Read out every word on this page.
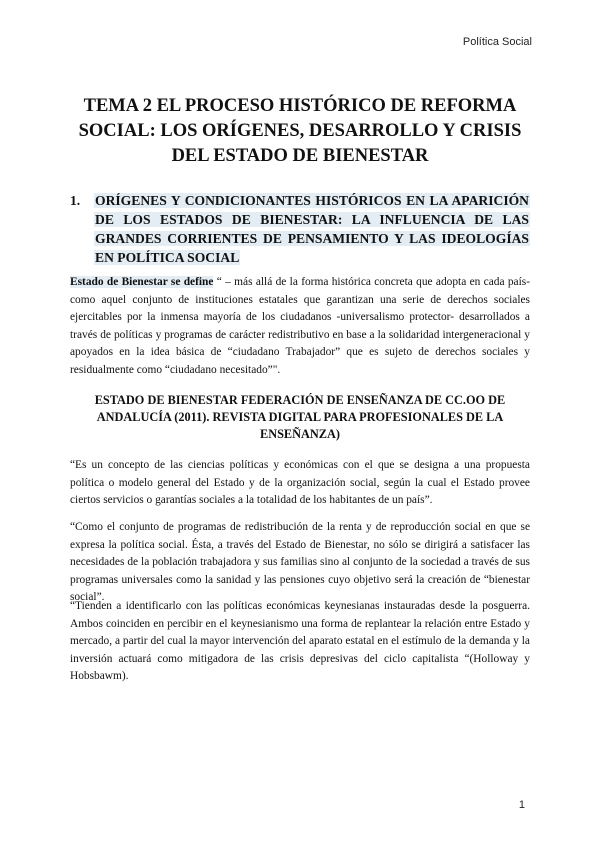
Política Social
TEMA 2 EL PROCESO HISTÓRICO DE REFORMA SOCIAL: LOS ORÍGENES, DESARROLLO Y CRISIS DEL ESTADO DE BIENESTAR
1. ORÍGENES Y CONDICIONANTES HISTÓRICOS EN LA APARICIÓN DE LOS ESTADOS DE BIENESTAR: LA INFLUENCIA DE LAS GRANDES CORRIENTES DE PENSAMIENTO Y LAS IDEOLOGÍAS EN POLÍTICA SOCIAL

Estado de Bienestar se define “ – más allá de la forma histórica concreta que adopta en cada país- como aquel conjunto de instituciones estatales que garantizan una serie de derechos sociales ejercitables por la inmensa mayoría de los ciudadanos -universalismo protector- desarrollados a través de políticas y programas de carácter redistributivo en base a la solidaridad intergeneracional y apoyados en la idea básica de “ciudadano Trabajador” que es sujeto de derechos sociales y residualmente como “ciudadano necesitado”".

ESTADO DE BIENESTAR FEDERACIÓN DE ENSEÑANZA DE CC.OO DE ANDALUCÍA (2011). REVISTA DIGITAL PARA PROFESIONALES DE LA ENSEÑANZA)

“Es un concepto de las ciencias políticas y económicas con el que se designa a una propuesta política o modelo general del Estado y de la organización social, según la cual el Estado provee ciertos servicios o garantías sociales a la totalidad de los habitantes de un país”.

“Como el conjunto de programas de redistribución de la renta y de reproducción social en que se expresa la política social. Ésta, a través del Estado de Bienestar, no sólo se dirigirá a satisfacer las necesidades de la población trabajadora y sus familias sino al conjunto de la sociedad a través de sus programas universales como la sanidad y las pensiones cuyo objetivo será la creación de “bienestar social”.

“Tienden a identificarlo con las políticas económicas keynesianas instauradas desde la posguerra. Ambos coinciden en percibir en el keynesianismo una forma de replantear la relación entre Estado y mercado, a partir del cual la mayor intervención del aparato estatal en el estímulo de la demanda y la inversión actuará como mitigadora de las crisis depresivas del ciclo capitalista “(Holloway y Hobsbawm).

1
